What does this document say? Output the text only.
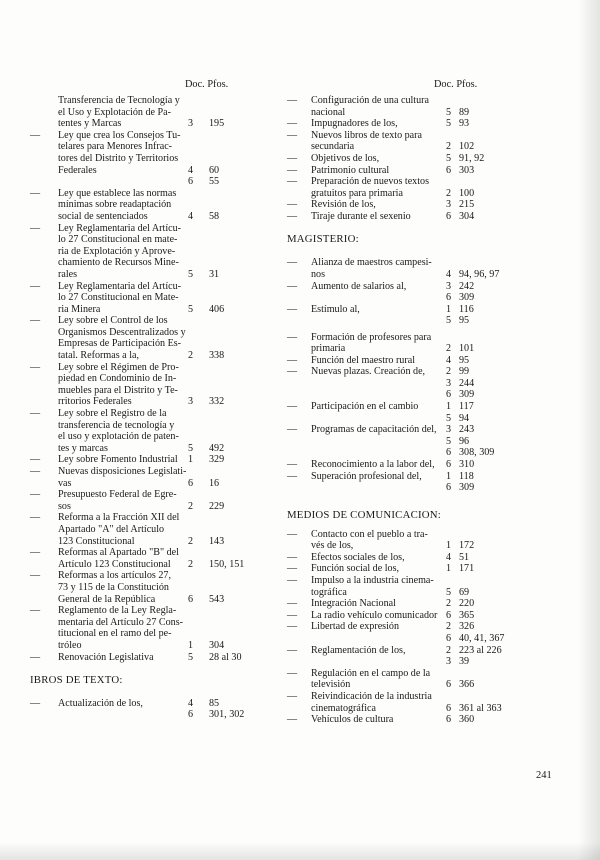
Doc. Pfos.
Transferencia de Tecnología y
el Uso y Explotación de Pa-
tentes y Marcas	3 195
— Ley que crea los Consejos Tu-
telares para Menores Infrac-
tores del Distrito y Territorios
Federales	4 60
6 55
— Ley que establece las normas
mínimas sobre readaptación
social de sentenciados	4 58
— Ley Reglamentaria del Artícu-
lo 27 Constitucional en mate-
ria de Explotación y Aprove-
chamiento de Recursos Mine-
rales	5 31
— Ley Reglamentaria del Artícu-
lo 27 Constitucional en Mate-
ria Minera	5 406
— Ley sobre el Control de los
Organismos Descentralizados y
Empresas de Participación Es-
tatal. Reformas a la,	2 338
— Ley sobre el Régimen de Pro-
piedad en Condominio de In-
muebles para el Distrito y Te-
rritorios Federales	3 332
— Ley sobre el Registro de la
transferencia de tecnología y
el uso y explotación de paten-
tes y marcas	5 492
— Ley sobre Fomento Industrial 1 329
— Nuevas disposiciones Legislati-
vas	6 16
— Presupuesto Federal de Egre-
sos	2 229
— Reforma a la Fracción XII del
Apartado "A" del Artículo
123 Constitucional	2 143
— Reformas al Apartado "B" del
Artículo 123 Constitucional 2 150, 151
— Reformas a los artículos 27,
73 y 115 de la Constitución
General de la República	6 543
— Reglamento de la Ley Regla-
mentaria del Artículo 27 Cons-
titucional en el ramo del pe-
tróleo	1 304
— Renovación Legislativa	5 28 al 30
IBROS DE TEXTO:
— Actualización de los,	4 85
6 301, 302
Doc. Pfos.
— Configuración de una cultura
nacional	5 89
— Impugnadores de los,	5 93
— Nuevos libros de texto para
secundaria	2 102
— Objetivos de los,	5 91, 92
— Patrimonio cultural	6 303
— Preparación de nuevos textos
gratuitos para primaria	2 100
— Revisión de los,	3 215
— Tiraje durante el sexenio	6 304
MAGISTERIO:
— Alianza de maestros campesi-
nos	4 94, 96, 97
— Aumento de salarios al,	3 242
6 309
— Estímulo al,	1 116
5 95
— Formación de profesores para
primaria	2 101
— Función del maestro rural	4 95
— Nuevas plazas. Creación de, 2 99
3 244
6 309
— Participación en el cambio	1 117
5 94
— Programas de capacitación del, 3 243
5 96
6 308, 309
— Reconocimiento a la labor del, 6 310
— Superación profesional del, 1 118
6 309
MEDIOS DE COMUNICACION:
— Contacto con el pueblo a tra-
vés de los,	1 172
— Efectos sociales de los,	4 51
— Función social de los,	1 171
— Impulso a la industria cinema-
tográfica	5 69
— Integración Nacional	2 220
— La radio vehículo comunicador 6 365
— Libertad de expresión	2 326
6 40, 41, 367
— Reglamentación de los,	2 223 al 226
3 39
— Regulación en el campo de la
televisión	6 366
— Reivindicación de la industria
cinematográfica	6 361 al 363
— Vehículos de cultura	6 360
241
